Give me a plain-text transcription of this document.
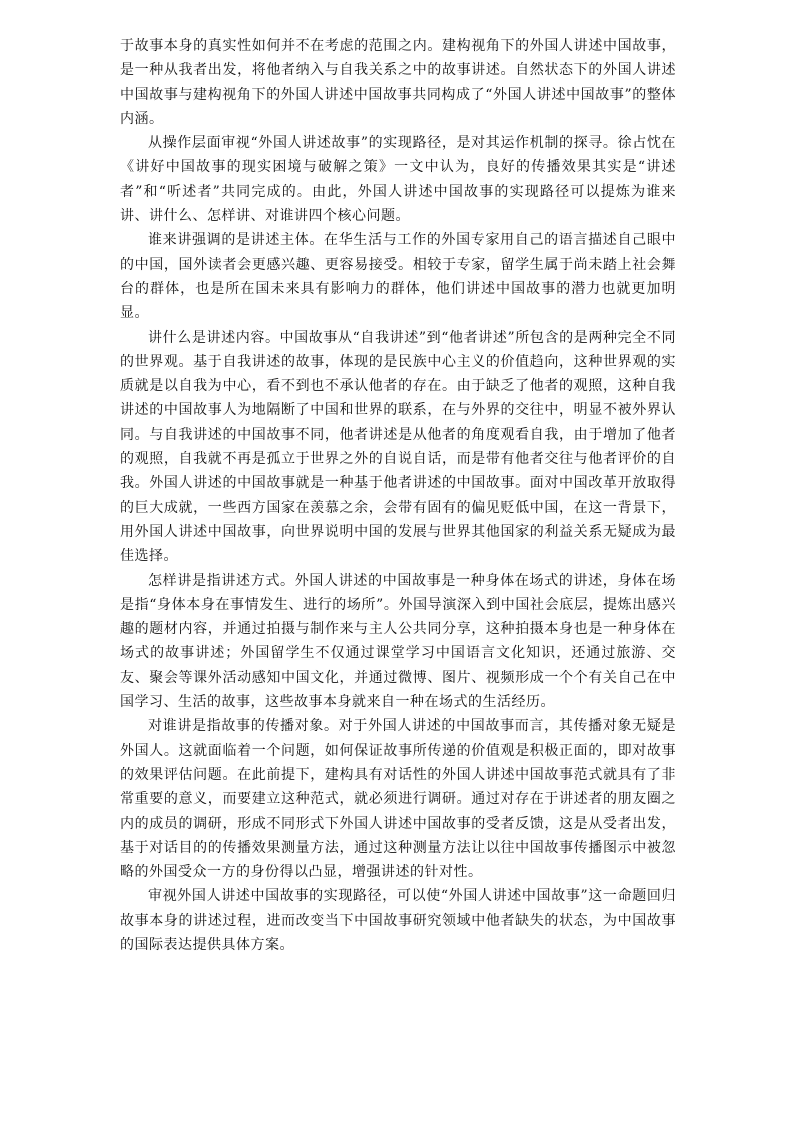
于故事本身的真实性如何并不在考虑的范围之内。建构视角下的外国人讲述中国故事，是一种从我者出发，将他者纳入与自我关系之中的故事讲述。自然状态下的外国人讲述中国故事与建构视角下的外国人讲述中国故事共同构成了“外国人讲述中国故事”的整体内涵。

从操作层面审视“外国人讲述故事”的实现路径，是对其运作机制的探寻。徐占忱在《讲好中国故事的现实困境与破解之策》一文中认为，良好的传播效果其实是“讲述者”和“听述者”共同完成的。由此，外国人讲述中国故事的实现路径可以提炼为谁来讲、讲什么、怎样讲、对谁讲四个核心问题。

谁来讲强调的是讲述主体。在华生活与工作的外国专家用自己的语言描述自己眼中的中国，国外读者会更感兴趣、更容易接受。相较于专家，留学生属于尚未踏上社会舞台的群体，也是所在国未来具有影响力的群体，他们讲述中国故事的潜力也就更加明显。

讲什么是讲述内容。中国故事从“自我讲述”到“他者讲述”所包含的是两种完全不同的世界观。基于自我讲述的故事，体现的是民族中心主义的价值趋向，这种世界观的实质就是以自我为中心，看不到也不承认他者的存在。由于缺乏了他者的观照，这种自我讲述的中国故事人为地隔断了中国和世界的联系，在与外界的交往中，明显不被外界认同。与自我讲述的中国故事不同，他者讲述是从他者的角度观看自我，由于增加了他者的观照，自我就不再是孤立于世界之外的自说自话，而是带有他者交往与他者评价的自我。外国人讲述的中国故事就是一种基于他者讲述的中国故事。面对中国改革开放取得的巨大成就，一些西方国家在羡慕之余，会带有固有的偏见贬低中国，在这一背景下，用外国人讲述中国故事，向世界说明中国的发展与世界其他国家的利益关系无疑成为最佳选择。

怎样讲是指讲述方式。外国人讲述的中国故事是一种身体在场式的讲述，身体在场是指“身体本身在事情发生、进行的场所”。外国导演深入到中国社会底层，提炼出感兴趣的题材内容，并通过拍摄与制作来与主人公共同分享，这种拍摄本身也是一种身体在场式的故事讲述；外国留学生不仅通过课堂学习中国语言文化知识，还通过旅游、交友、聚会等课外活动感知中国文化，并通过微博、图片、视频形成一个个有关自己在中国学习、生活的故事，这些故事本身就来自一种在场式的生活经历。

对谁讲是指故事的传播对象。对于外国人讲述的中国故事而言，其传播对象无疑是外国人。这就面临着一个问题，如何保证故事所传递的价值观是积极正面的，即对故事的效果评估问题。在此前提下，建构具有对话性的外国人讲述中国故事范式就具有了非常重要的意义，而要建立这种范式，就必须进行调研。通过对存在于讲述者的朋友圈之内的成员的调研，形成不同形式下外国人讲述中国故事的受者反馈，这是从受者出发，基于对话目的的传播效果测量方法，通过这种测量方法让以往中国故事传播图示中被忽略的外国受众一方的身份得以凸显，增强讲述的针对性。

审视外国人讲述中国故事的实现路径，可以使“外国人讲述中国故事”这一命题回归故事本身的讲述过程，进而改变当下中国故事研究领域中他者缺失的状态，为中国故事的国际表达提供具体方案。
